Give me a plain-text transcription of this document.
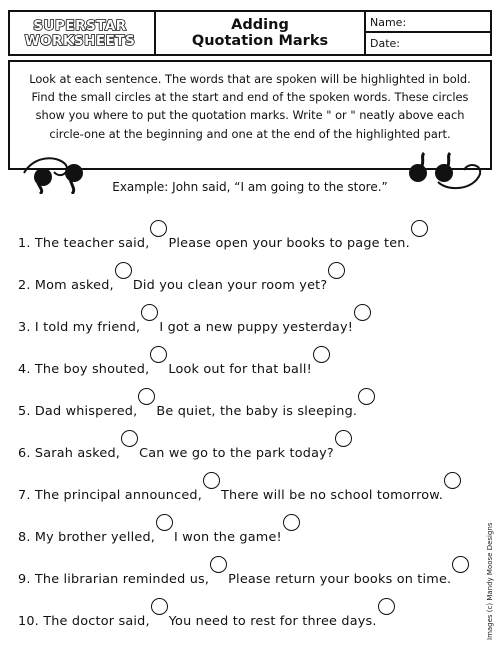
SUPERSTAR
WORKSHEETS
Adding
Quotation Marks
Name:
Date:
Look at each sentence. The words that are spoken will be highlighted in bold. Find the small circles at the start and end of the spoken words. These circles show you where to put the quotation marks. Write " or " neatly above each circle-one at the beginning and one at the end of the highlighted part.
Example: John said, “I am going to the store.”
1. The teacher said, Please open your books to page ten.
2. Mom asked, Did you clean your room yet?
3. I told my friend, I got a new puppy yesterday!
4. The boy shouted, Look out for that ball!
5. Dad whispered, Be quiet, the baby is sleeping.
6. Sarah asked, Can we go to the park today?
7. The principal announced, There will be no school tomorrow.
8. My brother yelled, I won the game!
9. The librarian reminded us, Please return your books on time.
10. The doctor said, You need to rest for three days.	Images (c) Mandy Moose Designs
